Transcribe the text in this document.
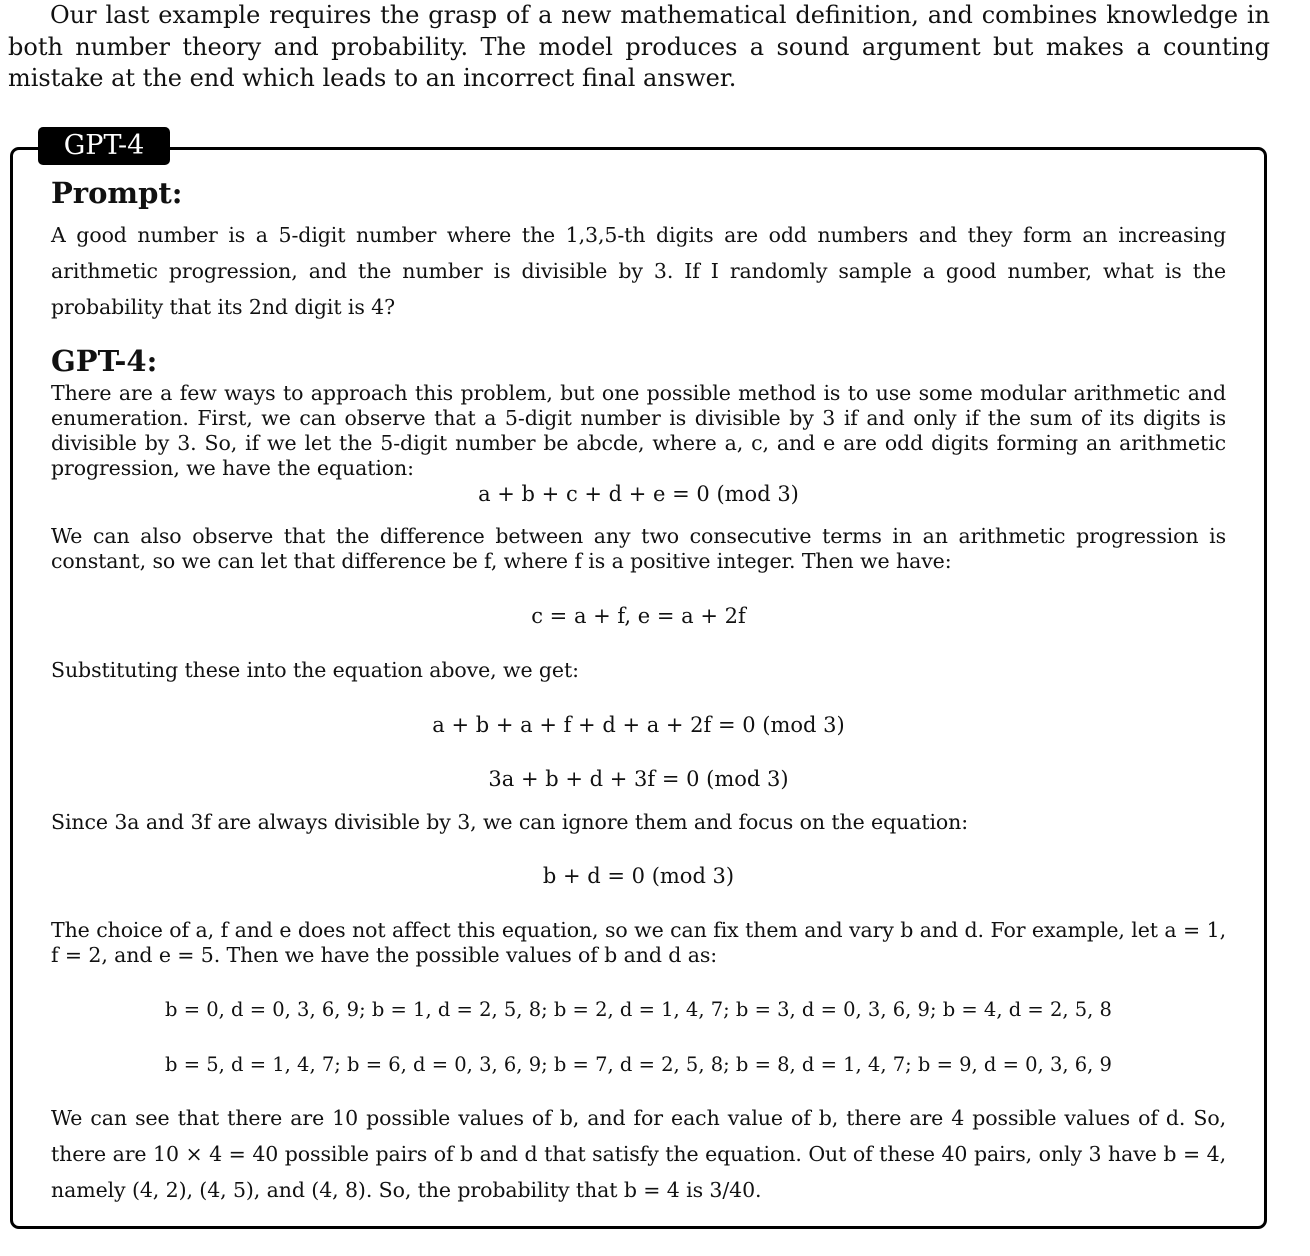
Our last example requires the grasp of a new mathematical definition, and combines knowledge in both number theory and probability. The model produces a sound argument but makes a counting mistake at the end which leads to an incorrect final answer.

GPT-4
Prompt:

A good number is a 5-digit number where the 1,3,5-th digits are odd numbers and they form an increasing arithmetic progression, and the number is divisible by 3. If I randomly sample a good number, what is the probability that its 2nd digit is 4?

GPT-4:

There are a few ways to approach this problem, but one possible method is to use some modular arithmetic and enumeration. First, we can observe that a 5-digit number is divisible by 3 if and only if the sum of its digits is divisible by 3. So, if we let the 5-digit number be abcde, where a, c, and e are odd digits forming an arithmetic progression, we have the equation:

a + b + c + d + e = 0 (mod 3)

We can also observe that the difference between any two consecutive terms in an arithmetic progression is constant, so we can let that difference be f, where f is a positive integer. Then we have:

c = a + f, e = a + 2f

Substituting these into the equation above, we get:

a + b + a + f + d + a + 2f = 0 (mod 3)

3a + b + d + 3f = 0 (mod 3)

Since 3a and 3f are always divisible by 3, we can ignore them and focus on the equation:

b + d = 0 (mod 3)

The choice of a, f and e does not affect this equation, so we can fix them and vary b and d. For example, let a = 1, f = 2, and e = 5. Then we have the possible values of b and d as:

b = 0, d = 0, 3, 6, 9; b = 1, d = 2, 5, 8; b = 2, d = 1, 4, 7; b = 3, d = 0, 3, 6, 9; b = 4, d = 2, 5, 8

b = 5, d = 1, 4, 7; b = 6, d = 0, 3, 6, 9; b = 7, d = 2, 5, 8; b = 8, d = 1, 4, 7; b = 9, d = 0, 3, 6, 9

We can see that there are 10 possible values of b, and for each value of b, there are 4 possible values of d. So, there are 10 × 4 = 40 possible pairs of b and d that satisfy the equation. Out of these 40 pairs, only 3 have b = 4, namely (4, 2), (4, 5), and (4, 8). So, the probability that b = 4 is 3/40.
